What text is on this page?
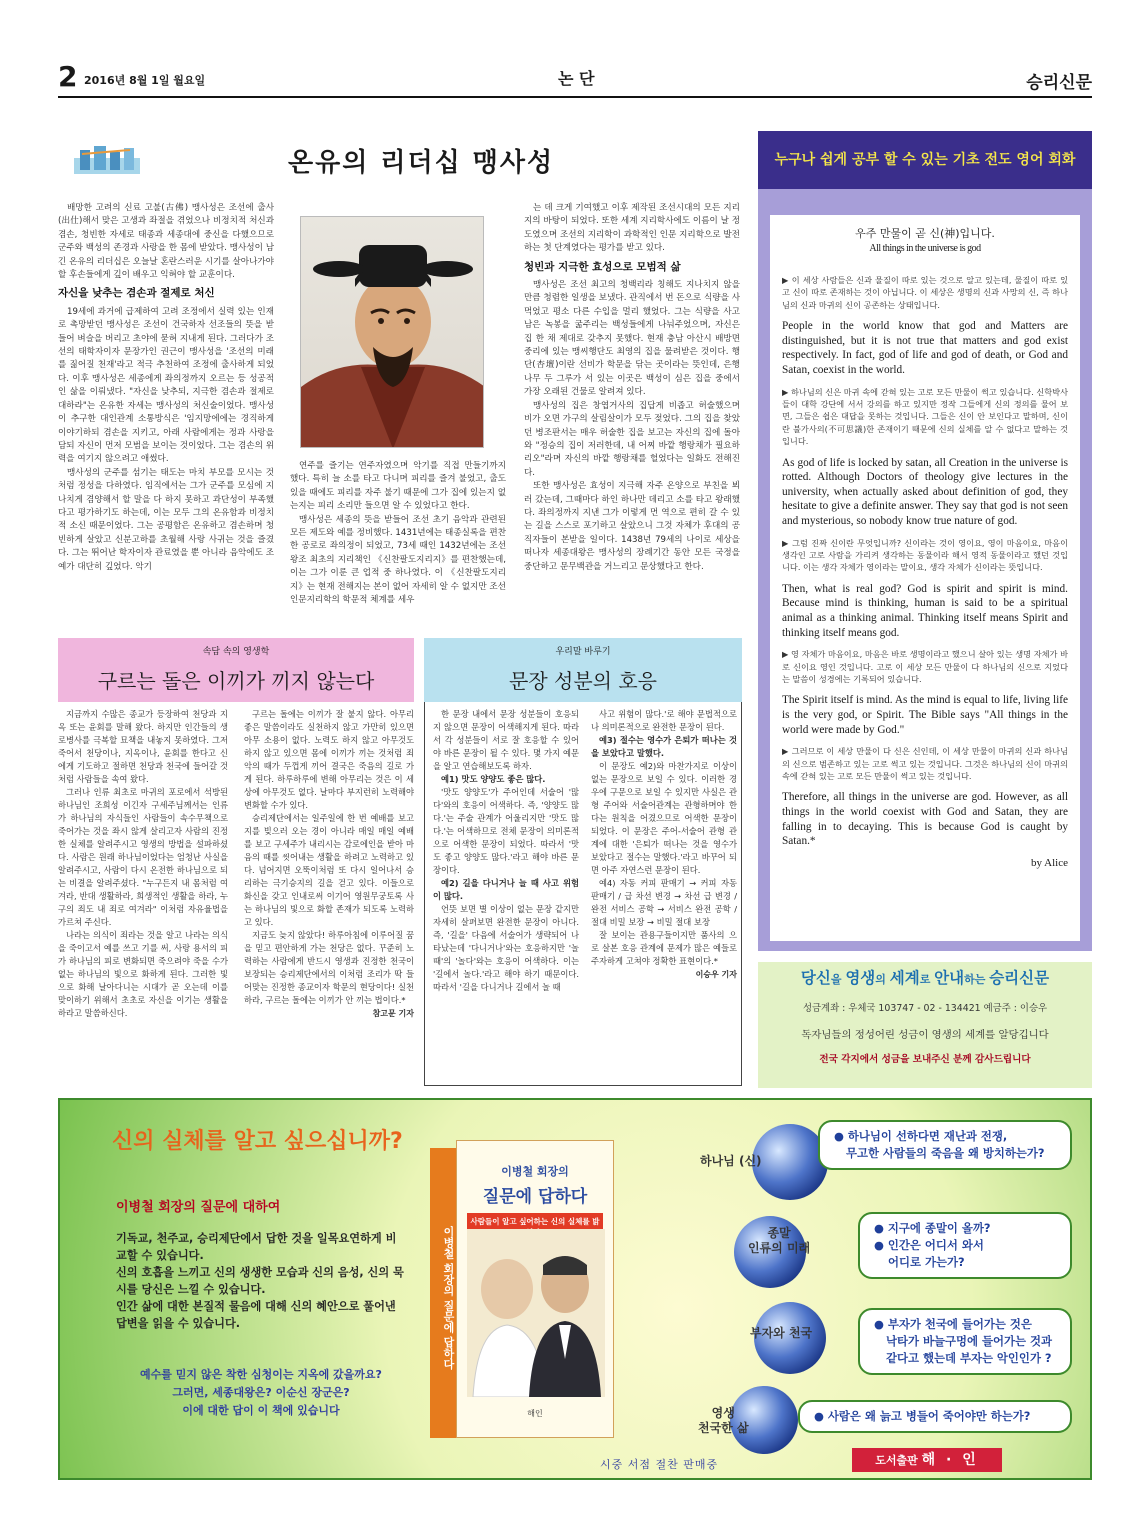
2 2016년 8월 1일 월요일	논 단	승리신문
온유의 리더십 맹사성

배망한 고려의 신료 고불(古佛) 맹사성은 조선에 출사(出仕)해서 맞은 고생과 좌절을 겪었으나 비정치적 처신과 겸손, 청빈한 자세로 태종과 세종대에 중신을 다했으므로 군주와 백성의 존경과 사랑을 한 몸에 받았다. 맹사성이 남긴 온유의 리더십은 오늘날 혼란스러운 시기를 살아나가야 할 후손들에게 깊이 배우고 익혀야 할 교훈이다.

자신을 낮추는 겸손과 절제로 처신

19세에 과거에 급제하여 고려 조정에서 실력 있는 인재로 촉망받던 맹사성은 조선이 건국하자 선조들의 뜻을 받들어 벼슬을 버리고 초야에 묻혀 지내게 된다. 그러다가 조선의 태학자이자 문장가인 권근이 맹사성을 '조선의 미래를 짊어질 천재'라고 적극 추천하여 조정에 출사하게 되었다. 이후 맹사성은 세종에게 좌의정까지 오르는 등 성공적인 삶을 이뤄냈다. "자신을 낮추되, 지극한 겸손과 절제로 대하라"는 온유한 자세는 맹사성의 처신술이었다. 맹사성이 추구한 대인관계 소통방식은 '임지망에에는 경직하게 이야기하되 겸손을 지키고, 아래 사람에게는 정과 사랑을 담되 자신이 먼저 모범을 보이는 것이었다. 그는 겸손의 위력을 여기지 않으려고 애썼다.

맹사성의 군주를 섬기는 태도는 마치 부모를 모시는 것처럼 정성을 다하였다. 임직에서는 그가 군주를 모심에 지나치게 겸양해서 할 말을 다 하지 못하고 과단성이 부족했다고 평가하기도 하는데, 이는 모두 그의 온유함과 비정치적 소신 때문이었다. 그는 공평함은 온유하고 겸손하며 청빈하게 살았고 신분고하를 초월해 사랑 사귀는 것을 즐겼다. 그는 뛰어난 학자이자 관료였을 뿐 아니라 음악에도 조예가 대단히 깊었다. 악기

연주를 즐기는 연주자였으며 악기를 직접 만들기까지 했다. 특히 늘 소를 타고 다니며 피리를 즐겨 불었고, 출도 있을 때에도 피리를 자주 불기 때문에 그가 집에 있는지 없는지는 피리 소리만 들으면 알 수 있었다고 한다.

맹사성은 세종의 뜻을 받들어 조선 초기 음악과 관련된 모든 제도와 예를 정비했다. 1431년에는 태종실록을 편찬한 공로로 좌의정이 되었고, 73세 때인 1432년에는 조선왕조 최초의 지리책인 《신찬팔도지리지》를 편찬했는데, 이는 그가 이룬 큰 업적 중 하나였다. 이 《신찬팔도지리지》는 현재 전해지는 본이 없어 자세히 알 수 없지만 조선 인문지리학의 학문적 체계를 세우

는 데 크게 기여했고 이후 제작된 조선시대의 모든 지리지의 바탕이 되었다. 또한 세계 지리학사에도 이름이 날 정도였으며 조선의 지리학이 과학적인 인문 지리학으로 발전하는 첫 단계였다는 평가를 받고 있다.

청빈과 지극한 효성으로 모범적 삶

맹사성은 조선 최고의 청백리라 칭해도 지나치지 않을 만큼 청렴한 일생을 보냈다. 관직에서 번 돈으로 식량을 사먹었고 평소 다른 수입을 멀리 했었다. 그는 식량을 사고 남은 녹봉을 굶주리는 백성들에게 나눠주었으며, 자신은 집 한 채 제대로 갖추지 못했다. 현재 충남 아산시 배방면 중리에 있는 맹씨행단도 최영의 집을 물려받은 것이다. 행단(杏壇)이란 선비가 학문을 닦는 곳이라는 뜻인데, 은행나무 두 그루가 서 있는 이곳은 백성이 심은 집을 중에서 가장 오래된 건물로 알려져 있다.

맹사성의 집은 창엽거사의 집답게 비좁고 허술했으며 비가 오면 가구의 살림살이가 모두 젖었다. 그의 집을 찾았던 병조판서는 매우 허술한 집을 보고는 자신의 집에 돌아와 "정승의 집이 저러한데, 내 어찌 바깥 행랑채가 필요하리오"라며 자신의 바깥 행랑채를 헐었다는 일화도 전해진다.

또한 맹사성은 효성이 지극해 자주 온양으로 부친을 뵈러 갔는데, 그때마다 하인 하나만 데리고 소를 타고 왕래했다. 좌의정까지 지낸 그가 이렇게 먼 역으로 편히 갈 수 있는 길을 스스로 포기하고 살았으니 그것 자체가 후대의 공직자들이 본받을 일이다. 1438년 79세의 나이로 세상을 떠나자 세종대왕은 맹사성의 장례기간 동안 모든 국정을 중단하고 문무백관을 거느리고 문상했다고 한다.

누구나 쉽게 공부 할 수 있는 기초 전도 영어 회화
우주 만물이 곧 신(神)입니다.
All things in the universe is god
▶ 이 세상 사람들은 신과 물질이 따로 있는 것으로 알고 있는데, 물질이 따로 있고 신이 따로 존재하는 것이 아닙니다. 이 세상은 생명의 신과 사망의 신, 즉 하나님의 신과 마귀의 신이 공존하는 상태입니다.
People in the world know that god and Matters are distinguished, but it is not true that matters and god exist respectively. In fact, god of life and god of death, or God and Satan, coexist in the world.
▶ 하나님의 신은 마귀 속에 갇혀 있는 고로 모든 만물이 썩고 있습니다. 신학박사들이 대학 강단에 서서 강의를 하고 있지만 정작 그들에게 신의 정의를 물어 보면, 그들은 쉽은 대답을 못하는 것입니다. 그들은 신이 안 보인다고 말하며, 신이란 불가사의(不可思議)한 존재이기 때문에 신의 실체를 알 수 없다고 말하는 것입니다.
As god of life is locked by satan, all Creation in the universe is rotted. Although Doctors of theology give lectures in the university, when actually asked about definition of god, they hesitate to give a definite answer. They say that god is not seen and mysterious, so nobody know true nature of god.
▶ 그럼 진짜 신이란 무엇입니까? 신이라는 것이 영이요, 영이 마음이요, 마음이 생각인 고로 사람을 가리켜 생각하는 동물이라 해서 영적 동물이라고 했던 것입니다. 이는 생각 자체가 영이라는 말이요, 생각 자체가 신이라는 뜻입니다.
Then, what is real god? God is spirit and spirit is mind. Because mind is thinking, human is said to be a spiritual animal as a thinking animal. Thinking itself means Spirit and thinking itself means god.
▶ 영 자체가 마음이요, 마음은 바로 생명이라고 했으니 살아 있는 생명 자체가 바로 신이요 영인 것입니다. 고로 이 세상 모든 만물이 다 하나님의 신으로 지었다는 말씀이 성경에는 기록되어 있습니다.
The Spirit itself is mind. As the mind is equal to life, living life is the very god, or Spirit. The Bible says "All things in the world were made by God."
▶ 그러므로 이 세상 만물이 다 신은 신인데, 이 세상 만물이 마귀의 신과 하나님의 신으로 범존하고 있는 고로 썩고 있는 것입니다. 그것은 하나님의 신이 마귀의 속에 갇혀 있는 고로 모든 만물이 썩고 있는 것입니다.
Therefore, all things in the universe are god. However, as all things in the world coexist with God and Satan, they are falling in to decaying. This is because God is caught by Satan.*
by Alice
속담 속의 영생학
구르는 돌은 이끼가 끼지 않는다

지금까지 수많은 종교가 등장하여 천당과 지옥 또는 윤회를 말해 왔다. 하지만 인간들의 생로병사를 극복할 묘책을 내놓지 못하였다. 그저 죽어서 천당이나, 지옥이나, 윤회를 한다고 신에게 기도하고 절하면 천당과 천국에 들어갈 것처럼 사람들을 속여 왔다.

그러나 인류 최초로 마귀의 포로에서 석방된 하나님인 조희성 이긴자 구세주님께서는 인류가 하나님의 자식들인 사람들이 속수무책으로 죽어가는 것을 좌시 않게 살리고자 사람의 진정한 실체를 알려주시고 영생의 방법을 설파하셨다. 사람은 원래 하나님이었다는 엄청난 사실을 알려주시고, 사람이 다시 온전한 하나님으로 되는 비결을 알려주셨다. "누구든지 내 몸처럼 여겨라, 반대 생활하라, 희생적인 생활을 하라, 누구의 죄도 내 죄로 여겨라" 이처럼 자유율법을 가르쳐 주신다.

나라는 의식이 죄라는 것을 알고 나라는 의식을 죽이고서 예를 쓰고 기를 써, 사랑 용서의 피가 하나님의 피로 변화되면 죽으려야 죽을 수가 없는 하나님의 빛으로 화하게 된다. 그러한 빛으로 화해 날아다니는 시대가 곧 오는데 이를 맞이하기 위해서 초초로 자신을 이기는 생활을 하라고 말씀하신다.

구르는 돌에는 이끼가 잘 붙지 않다. 아무리 좋은 말씀이라도 실천하지 않고 가만히 있으면 아무 소용이 없다. 노력도 하지 않고 아무것도 하지 않고 있으면 몸에 이끼가 끼는 것처럼 죄악의 때가 두껍게 끼어 결국은 죽음의 길로 가게 된다. 하루하루에 변해 아무리는 것은 이 세상에 아무것도 없다. 날마다 부지런히 노력해야 변화할 수가 있다.

승리제단에서는 일주일에 한 번 예배를 보고 지를 빚으러 오는 경이 아니라 매일 매일 예배를 보고 구세주가 내리시는 감로에인을 받아 마음의 때를 씻어내는 생활을 하려고 노력하고 있다. 넘어지면 오뚝이처럼 또 다시 일어나서 승리하는 극기승지의 길을 걷고 있다. 이들으로 화신을 갖고 인내로써 이기어 영원무궁토록 사는 하나님의 빛으로 화할 존재가 되도록 노력하고 있다.

지금도 늦지 않았다! 하루아침에 이루어질 꿈을 믿고 편안하게 가는 천당은 없다. 꾸준히 노력하는 사람에게 반드시 영생과 진정한 천국이 보장되는 승리제단에서의 이처럼 조리가 딱 들어맞는 진정한 종교이자 학문의 현당이다! 실천하라, 구르는 돌에는 이끼가 안 끼는 법이다.*

참고문 기자
우리말 바루기
문장 성분의 호응

한 문장 내에서 문장 성분들이 호응되지 않으면 문장이 어색해지게 된다. 따라서 각 성분들이 서로 잘 호응할 수 있어야 바른 문장이 될 수 있다. 몇 가지 예문을 알고 연습해보도록 하자.

예1) 맛도 양양도 좋은 많다.

'맛도 양양도'가 주어인데 서술어 '많다'와의 호응이 어색하다. 즉, '양양도 많다.'는 주술 관계가 어울리지만 '맛도 많다.'는 어색하므로 전체 문장이 의미론적으로 어색한 문장이 되었다. 따라서 '맛도 좋고 양양도 많다.'라고 해야 바른 문장이다.

예2) 길을 다니거나 늘 때 사고 위험이 많다.

언뜻 보면 별 이상이 없는 문장 같지만 자세히 살펴보면 완전한 문장이 아니다. 즉, '길을' 다음에 서술어가 생략되어 나타났는데 '다니거나'와는 호응하지만 '놀 때'의 '놀다'와는 호응이 어색하다. 이는 '길에서 놀다.'라고 해야 하기 때문이다. 따라서 '길을 다니거나 길에서 놀 때

사고 위험이 많다.'로 해야 문법적으로나 의미론적으로 완전한 문장이 된다.

예3) 절수는 영수가 은퇴가 떠나는 것을 보았다고 말했다.

이 문장도 예2)와 마찬가지로 이상이 없는 문장으로 보일 수 있다. 이러한 경우에 구문으로 보일 수 있지만 사실은 관형 주어와 서술어관계는 관형하며야 한다는 원칙을 어겼으므로 어색한 문장이 되었다. 이 문장은 주어-서술어 관형 관계에 대한 '은퇴가 떠나는 것을 영수가 보았다고 절수는 말했다.'라고 바꾸어 되면 아주 자연스런 문장이 된다.

예4) 자동 커피 판매기 → 커피 자동 판매기 / 급 차선 변경 → 차선 급 변경 / 완전 서비스 공학 → 서비스 완전 공학 / 절대 비밀 보장 → 비밀 절대 보장

잘 보이는 관용구들이지만 품사의 으로 살본 호응 관계에 문제가 많은 예들로 주자하게 고쳐야 정확한 표현이다.*

이승우 기자	당신을 영생의 세계로 안내하는 승리신문
성금계좌 : 우체국 103747 - 02 - 134421 예금주 : 이승우
독자님들의 정성어린 성금이 영생의 세계를 알당깁니다
전국 각지에서 성금을 보내주신 분께 감사드립니다
신의 실체를 알고 싶으십니까?
이병철 회장의 질문에 대하여

기독교, 천주교, 승리제단에서 답한 것을 일목요연하게 비교할 수 있습니다.

신의 호흡을 느끼고 신의 생생한 모습과 신의 음성, 신의 묵시를 당신은 느낄 수 있습니다.

인간 삶에 대한 본질적 물음에 대해 신의 혜안으로 풀어낸 답변을 읽을 수 있습니다.

예수를 믿지 않은 착한 심청이는 지옥에 갔을까요?
그러면, 세종대왕은? 이순신 장군은?
이에 대한 답이 이 책에 있습니다
이병철 회장의 질문에 답하다
이병철 회장의
질문에 답하다
사람들이 알고 싶어하는 신의 실체를 밝
해인
하나님 (신)
종말
인류의 미래
부자와 천국
영생
천국한 삶
● 하나님이 선하다면 재난과 전쟁,
무고한 사람들의 죽음을 왜 방치하는가?
● 지구에 종말이 올까?
● 인간은 어디서 와서
어디로 가는가?
● 부자가 천국에 들어가는 것은
낙타가 바늘구멍에 들어가는 것과
같다고 했는데 부자는 악인인가 ?
● 사람은 왜 늙고 병들어 죽어야만 하는가?
시중 서점 절찬 판매중	도서출판 해 · 인
